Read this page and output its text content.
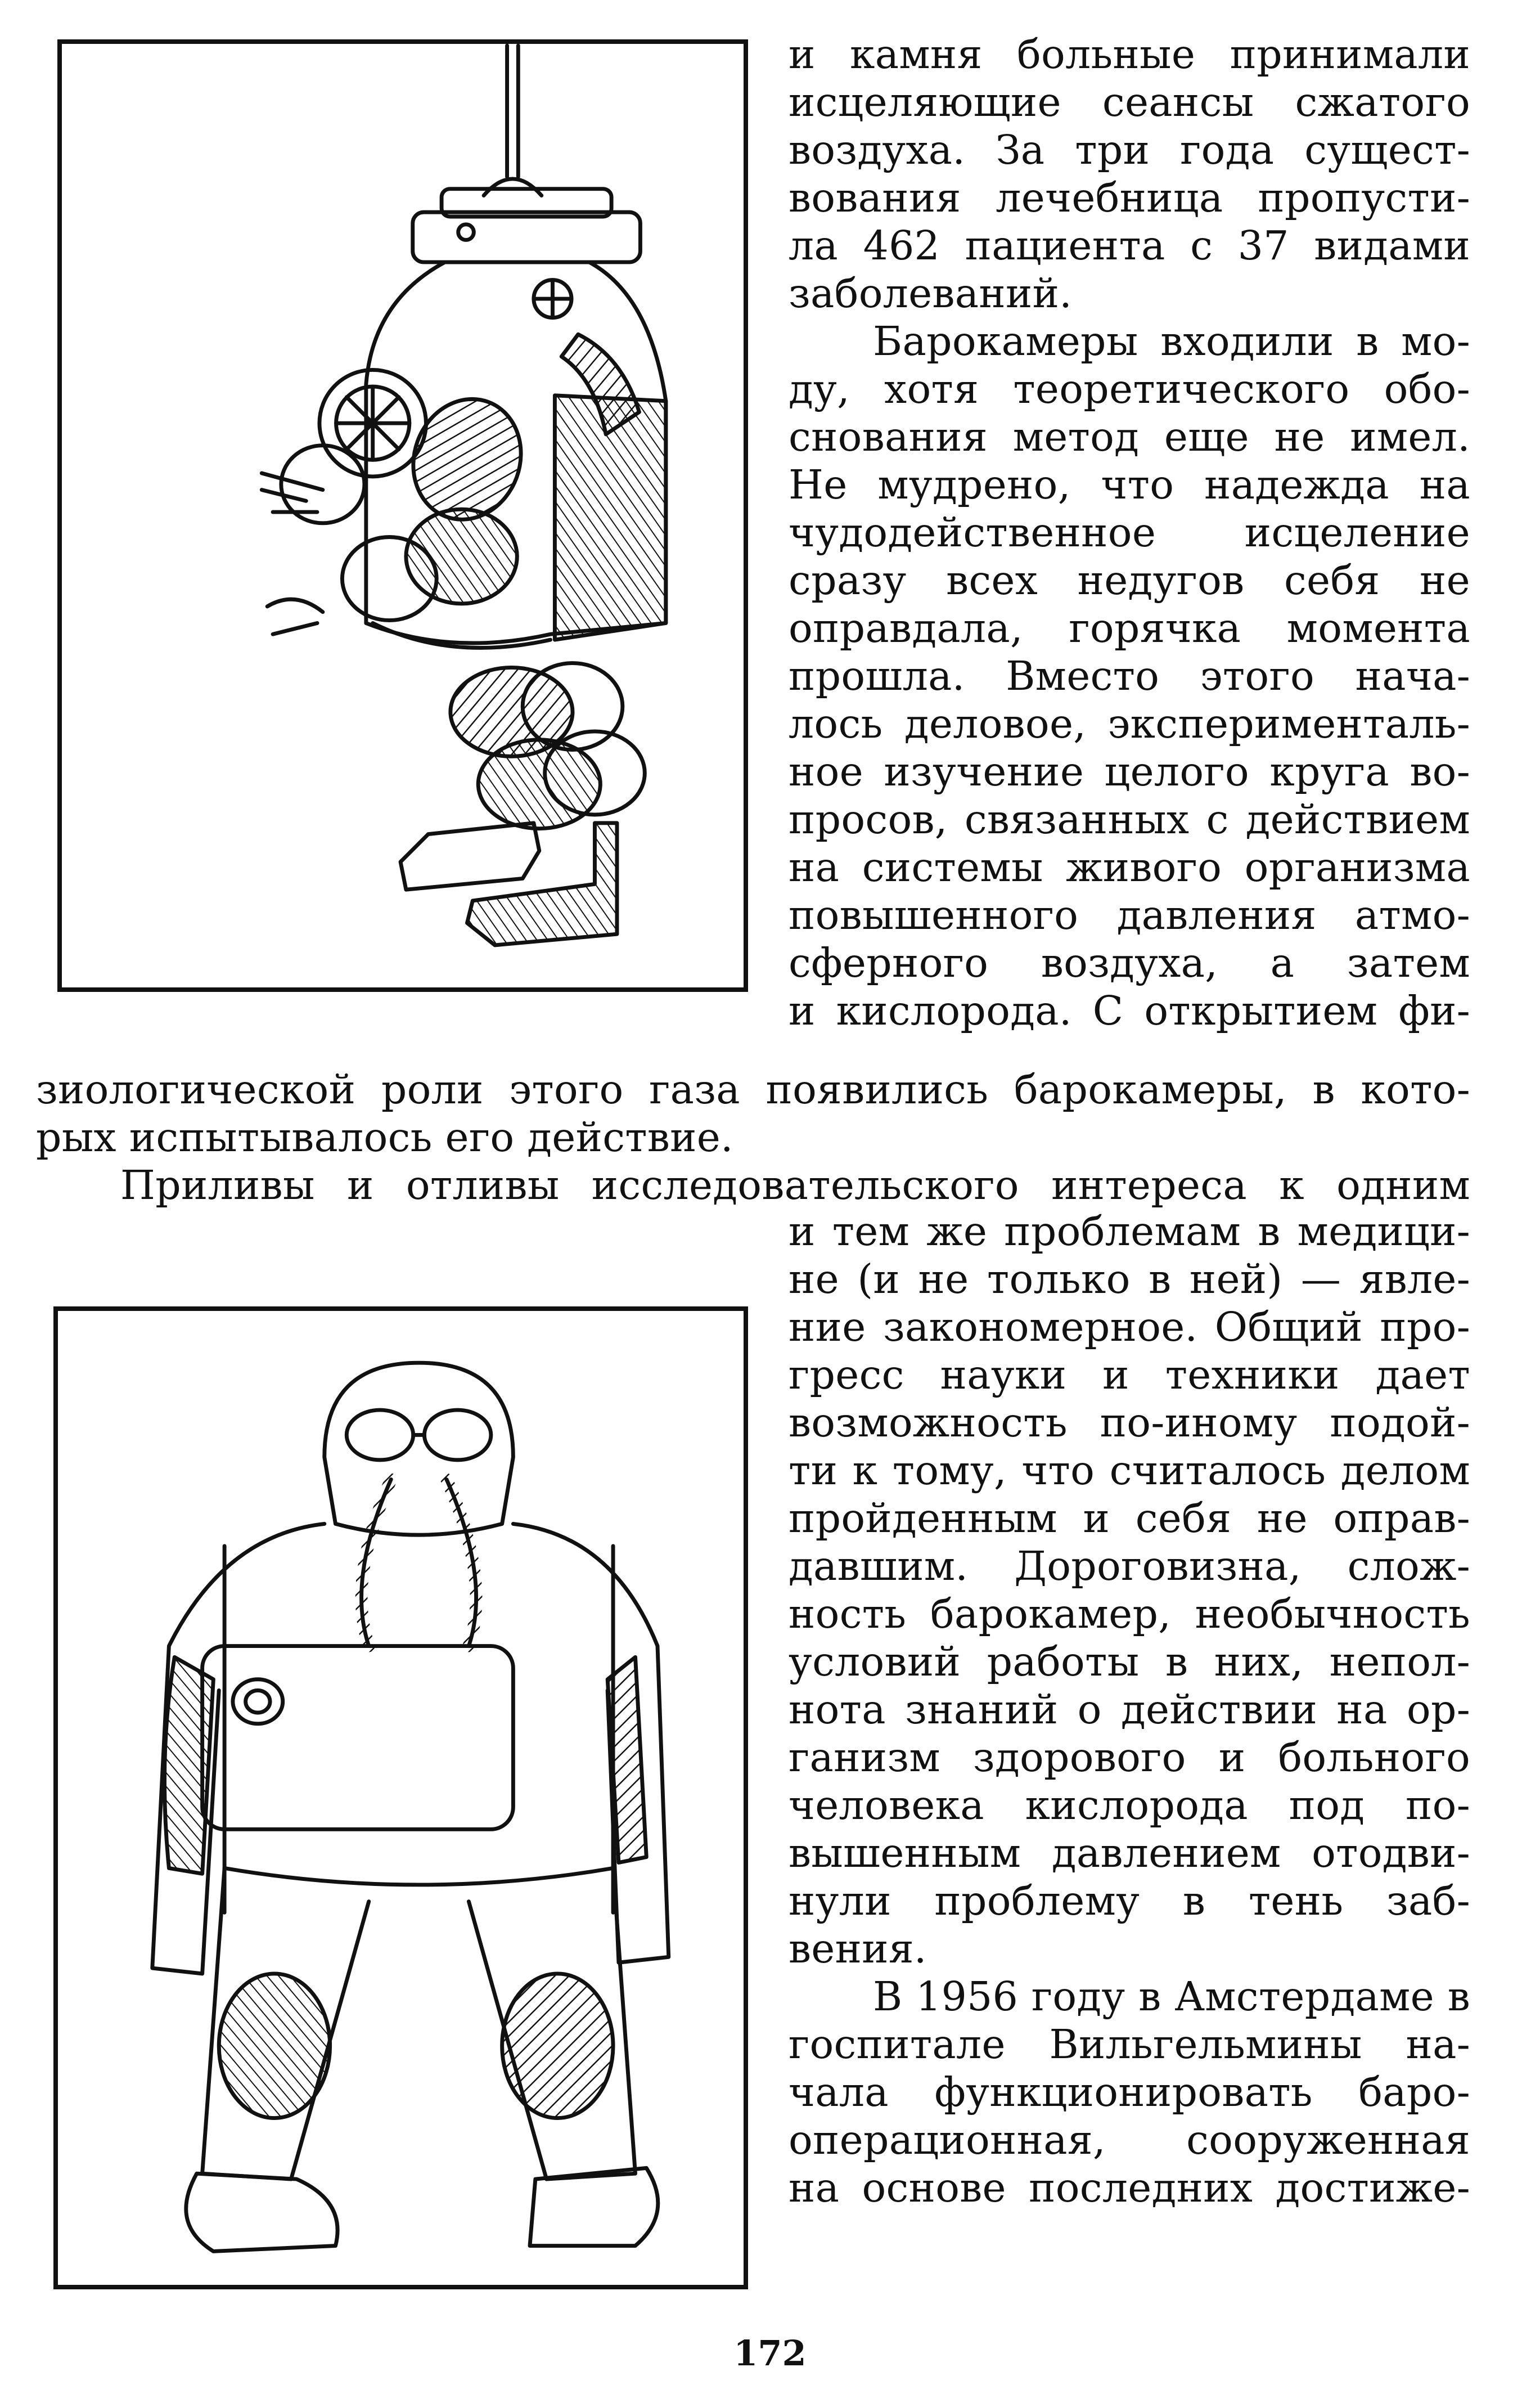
и камня больные принимали
исцеляющие сеансы сжатого
воздуха. За три года сущест-
вования лечебница пропусти-
ла 462 пациента с 37 видами
заболеваний.
Барокамеры входили в мо-
ду, хотя теоретического обо-
снования метод еще не имел.
Не мудрено, что надежда на
чудодейственное исцеление
сразу всех недугов себя не
оправдала, горячка момента
прошла. Вместо этого нача-
лось деловое, эксперименталь-
ное изучение целого круга во-
просов, связанных с действием
на системы живого организма
повышенного давления атмо-
сферного воздуха, а затем
и кислорода. С открытием фи-
зиологической роли этого газа появились барокамеры, в кото-
рых испытывалось его действие.
Приливы и отливы исследовательского интереса к одним
и тем же проблемам в медици-
не (и не только в ней) — явле-
ние закономерное. Общий про-
гресс науки и техники дает
возможность по-иному подой-
ти к тому, что считалось делом
пройденным и себя не оправ-
давшим. Дороговизна, слож-
ность барокамер, необычность
условий работы в них, непол-
нота знаний о действии на ор-
ганизм здорового и больного
человека кислорода под по-
вышенным давлением отодви-
нули проблему в тень заб-
вения.
В 1956 году в Амстердаме в
госпитале Вильгельмины на-
чала функционировать баро-
операционная, сооруженная
на основе последних достиже-
172
